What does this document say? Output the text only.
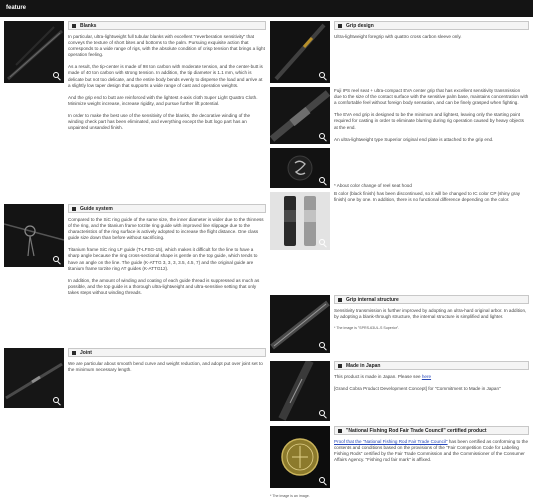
feature
Blanks
In particular, ultra-lightweight full tubular blanks with excellent "reverberation sensitivity" that conveys the texture of short bites and bottoms to the palm. Pursuing exquisite action that corresponds to a wide range of rigs, with the absolute condition of crisp tension that brings a light operation feeling.
As a result, the tip-center is made of 98 ton carbon with moderate tension, and the center-butt is made of 40 ton carbon with strong tension. In addition, the tip diameter is 1.1 mm, which is delicate but not too delicate, and the entire body bends evenly to disperse the load and arrive at a slightly low taper design that supports a wide range of cast and operation weights.
And the grip end to butt are reinforced with the lightest 4-axis cloth Super Light Quattro Cloth. Minimize weight increase, increase rigidity, and pursue further lift potential.
In order to make the best use of the sensitivity of the blanks, the decorative winding of the winding check part has been eliminated, and everything except the butt logo part has an unpainted unsanded finish.
Guide system
Compared to the SiC ring guide of the same size, the inner diameter is wider due to the thinness of the ring, and the titanium frame torzite ring guide with improved line slippage due to the characteristics of the ring surface is actively adopted to increase the flight distance. One class guide size down than before without sacrificing.
Titanium frame SiC ring LF guide (T-LFSG-15), which makes it difficult for the line to have a sharp angle because the ring cross-sectional shape is gentle on the top guide, which tends to have an angle on the line. The guide (K-ATTG 3, 3, 3, 3.5, 4.5, 7) and the original guide are titanium frame torzite ring AT guides (K-ATTG12).
In addition, the amount of winding and coating of each guide thread is suppressed as much as possible, and the top guide is a thorough ultra-lightweight and ultra-sensitive setting that only takes steps without winding threads.
Joint
We are particular about smooth bend curve and weight reduction, and adopt put over joint set to the minimum necessary length.
Grip design
Ultra-lightweight foregrip with quattro cross carbon sleeve only.
Fuji IPS reel seat + ultra-compact EVA center grip that has excellent sensitivity transmission due to the size of the contact surface with the sensitive palm base, maintains concentration with a comfortable feel without foreign body sensation, and can be finely grasped when fighting.
The EVA end grip is designed to be the minimum and lightest, leaving only the starting point required for casting in order to eliminate blurring during rig operation caused by heavy objects at the end.
An ultra-lightweight type Superior original end plate is attached to the grip end.
* About color change of reel seat hood
B color (black finish) has been discontinued, so it will be changed to IC color CP (shiny gray finish) one by one. In addition, there is no functional difference depending on the color.
Grip internal structure
Sensitivity transmission is further improved by adopting an ultra-hard original arbor. In addition, by adopting a blank-through structure, the internal structure is simplified and lighter.
* The image is "SPRS-63UL-S Superior".
Made in Japan
This product is made in Japan. Please see here
[Grand Cobra Product Development Concept] for "Commitment to Made in Japan"
"National Fishing Rod Fair Trade Council" certified product
Proof that the "National Fishing Rod Fair Trade Council" has been certified as conforming to the contents and conditions based on the provisions of the "Fair Competition Code for Labeling Fishing Rods" certified by the Fair Trade Commission and the Commissioner of the Consumer Affairs Agency. "Fishing rod fair mark" is affixed.
* The image is an image.
